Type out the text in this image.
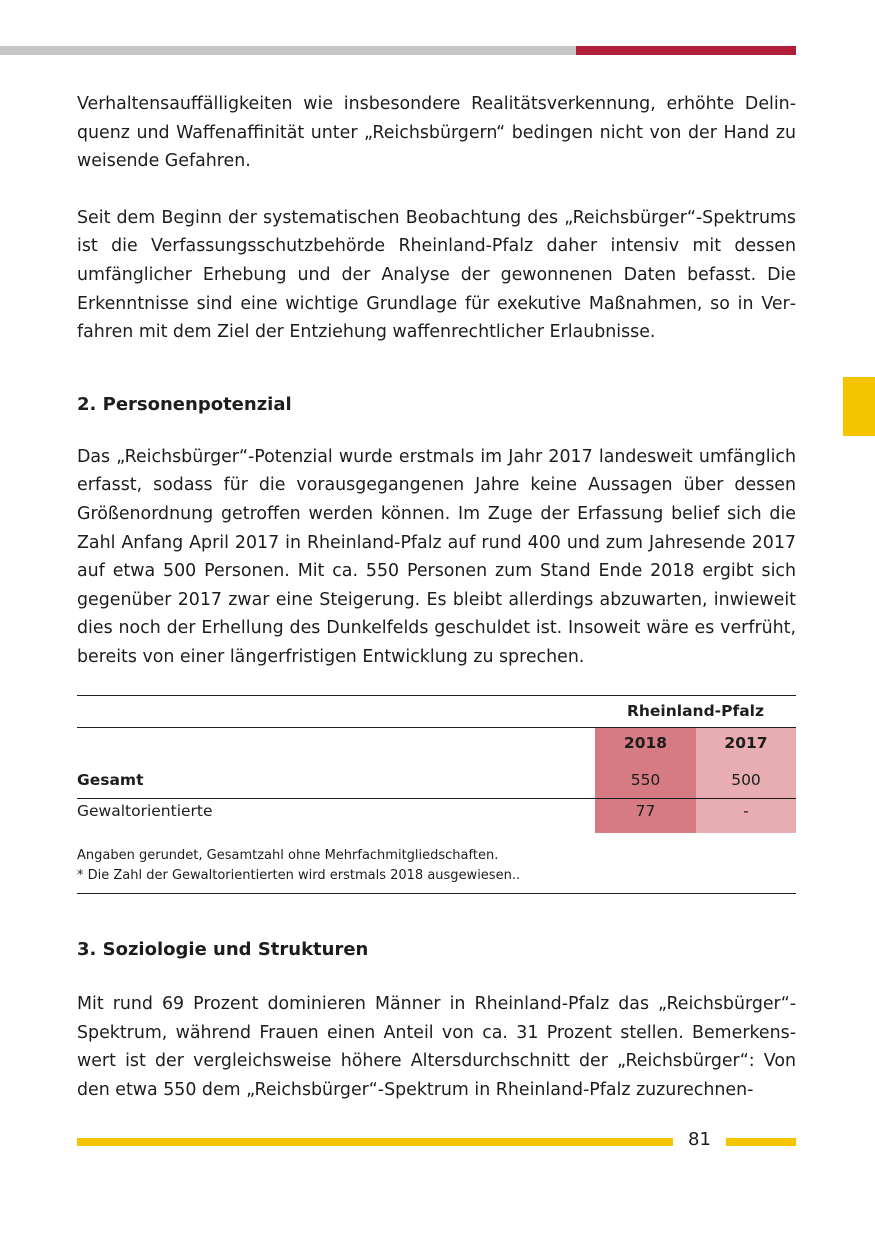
Verhaltensauffälligkeiten wie insbesondere Realitätsverkennung, erhöhte Delinquenz und Waffenaffinität unter „Reichsbürgern“ bedingen nicht von der Hand zu weisende Gefahren.

Seit dem Beginn der systematischen Beobachtung des „Reichsbürger“-Spektrums ist die Verfassungsschutzbehörde Rheinland-Pfalz daher intensiv mit dessen umfänglicher Erhebung und der Analyse der gewonnenen Daten befasst. Die Erkenntnisse sind eine wichtige Grundlage für exekutive Maßnahmen, so in Verfahren mit dem Ziel der Entziehung waffenrechtlicher Erlaubnisse.

2. Personenpotenzial

Das „Reichsbürger“-Potenzial wurde erstmals im Jahr 2017 landesweit umfänglich erfasst, sodass für die vorausgegangenen Jahre keine Aussagen über dessen Größenordnung getroffen werden können. Im Zuge der Erfassung belief sich die Zahl Anfang April 2017 in Rheinland-Pfalz auf rund 400 und zum Jahresende 2017 auf etwa 500 Personen. Mit ca. 550 Personen zum Stand Ende 2018 ergibt sich gegenüber 2017 zwar eine Steigerung. Es bleibt allerdings abzuwarten, inwieweit dies noch der Erhellung des Dunkelfelds geschuldet ist. Insoweit wäre es verfrüht, bereits von einer längerfristigen Entwicklung zu sprechen.

Rheinland-Pfalz
2018	2017
Gesamt	550	500
Gewaltorientierte	77	-
Angaben gerundet, Gesamtzahl ohne Mehrfachmitgliedschaften.
* Die Zahl der Gewaltorientierten wird erstmals 2018 ausgewiesen..
3. Soziologie und Strukturen

Mit rund 69 Prozent dominieren Männer in Rheinland-Pfalz das „Reichsbürger“-Spektrum, während Frauen einen Anteil von ca. 31 Prozent stellen. Bemerkenswert ist der vergleichsweise höhere Altersdurchschnitt der „Reichsbürger“: Von den etwa 550 dem „Reichsbürger“-Spektrum in Rheinland-Pfalz zuzurechnen-

81
